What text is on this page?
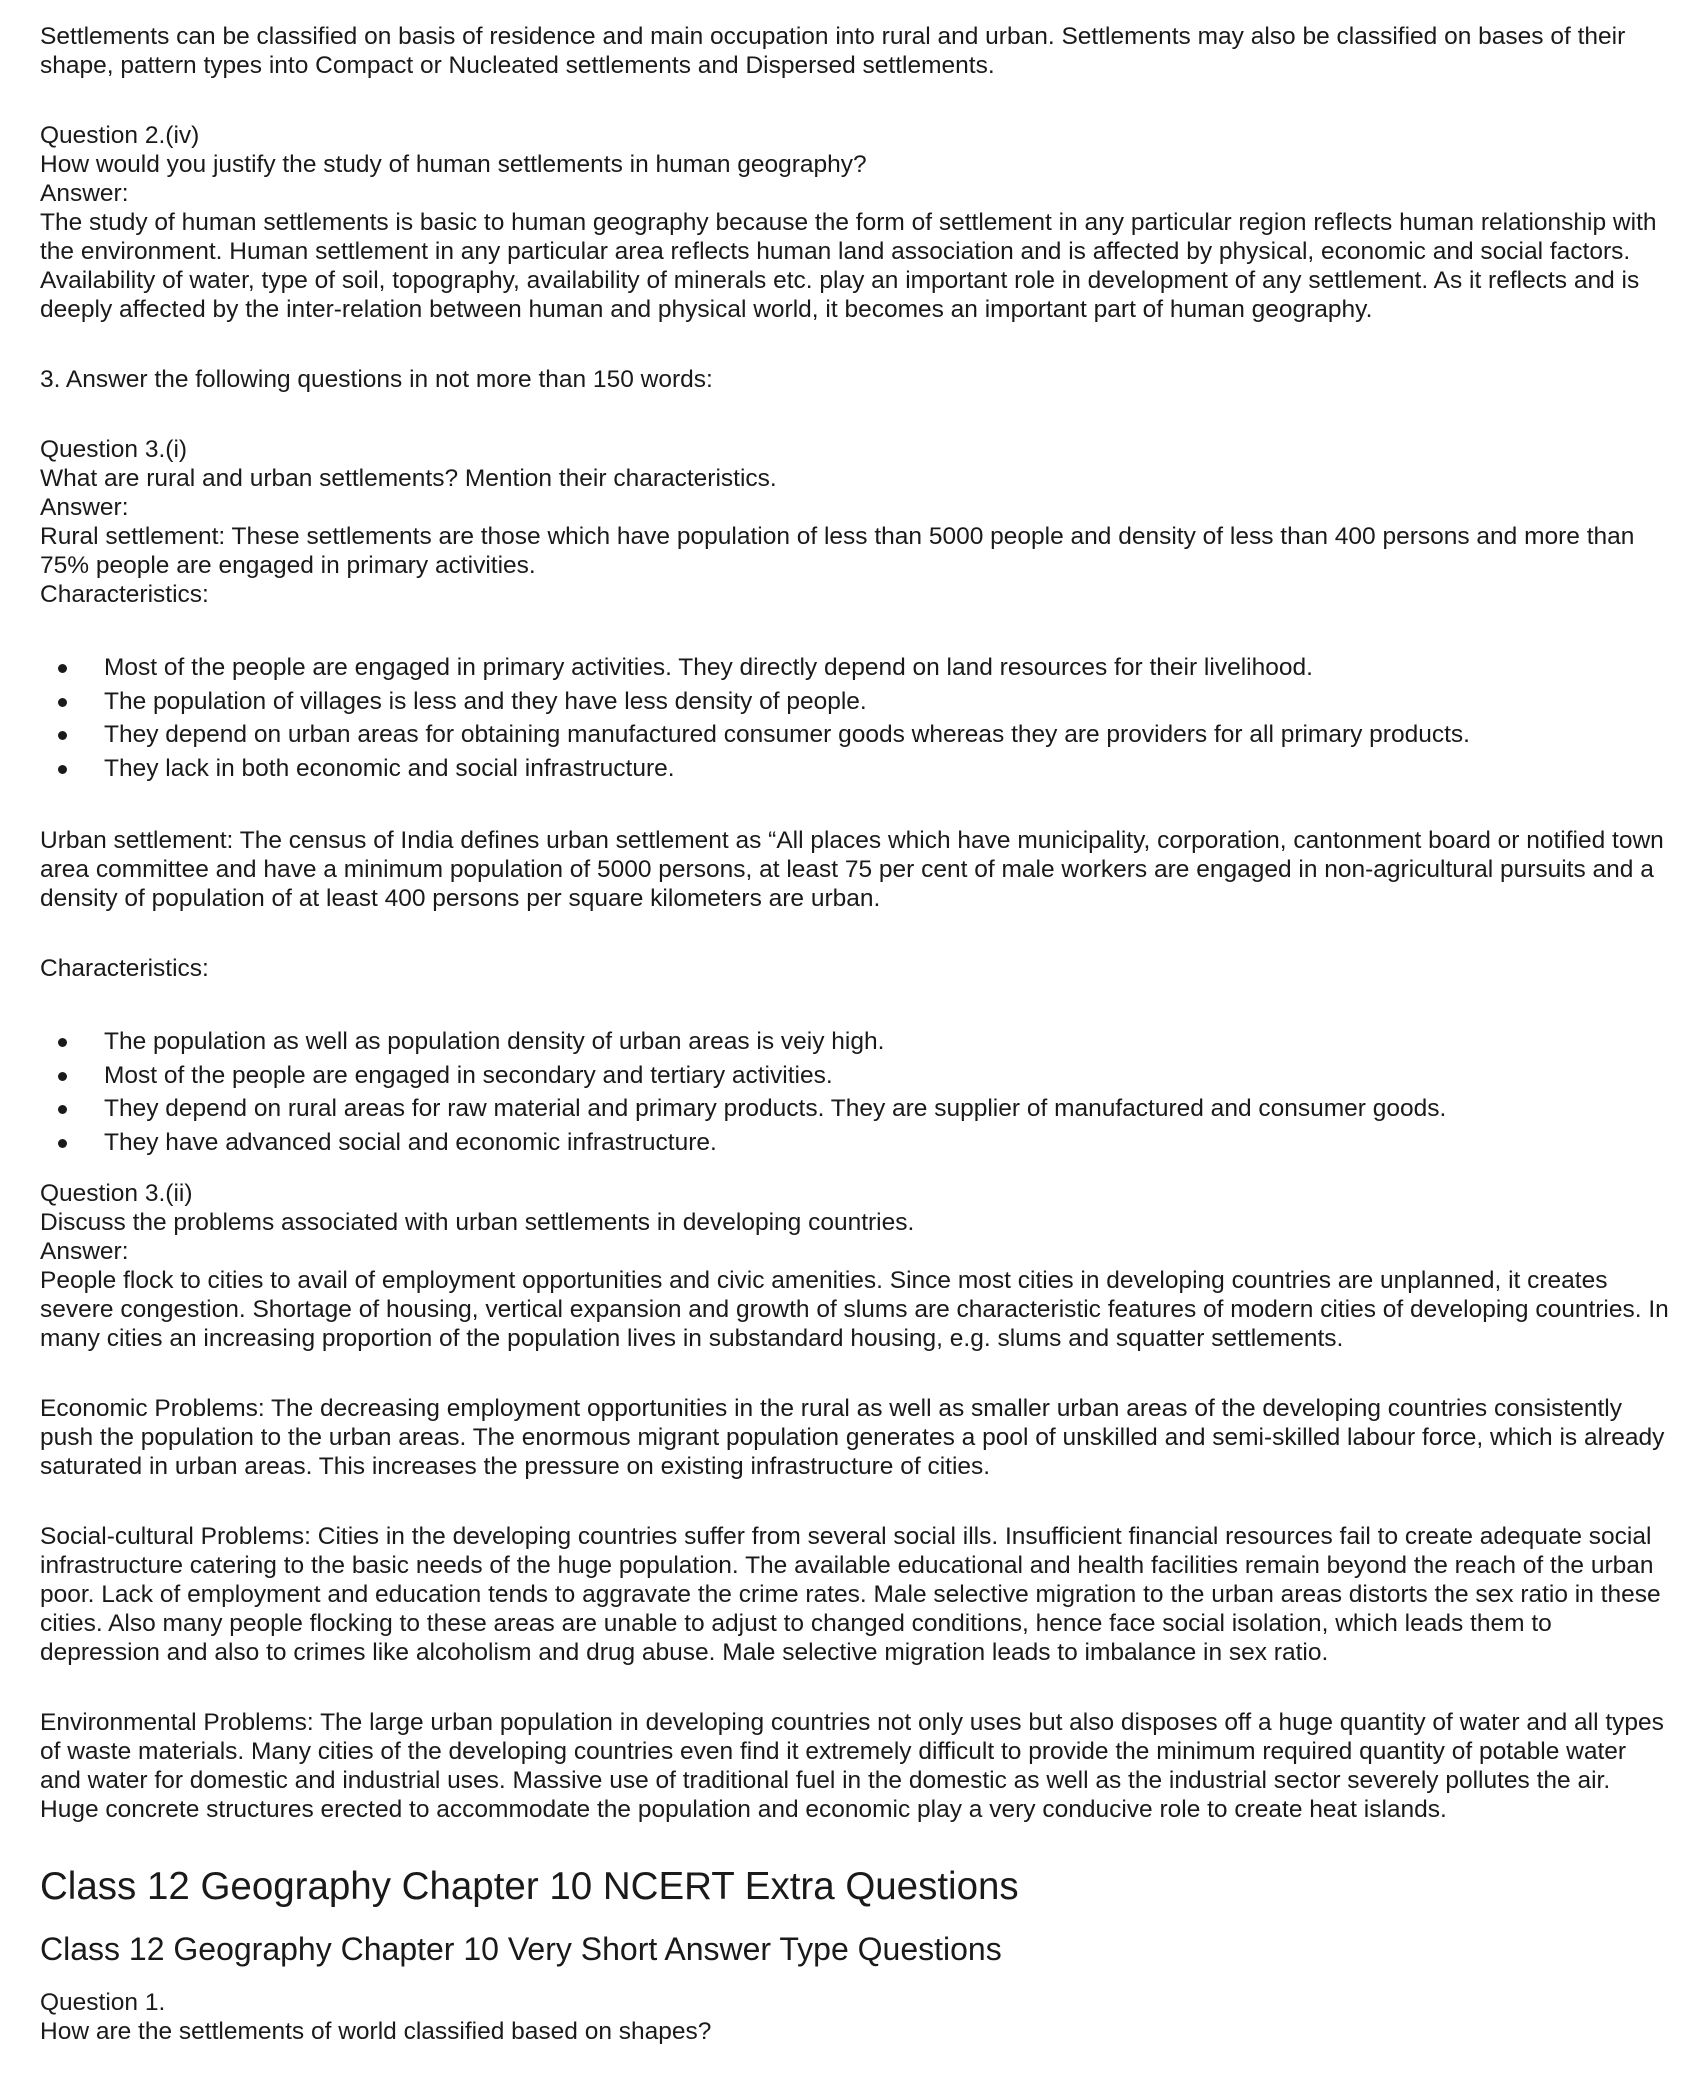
Settlements can be classified on basis of residence and main occupation into rural and urban. Settlements may also be classified on bases of their shape, pattern types into Compact or Nucleated settlements and Dispersed settlements.

Question 2.(iv)

How would you justify the study of human settlements in human geography?

Answer:

The study of human settlements is basic to human geography because the form of settlement in any particular region reflects human relationship with the environment. Human settlement in any particular area reflects human land association and is affected by physical, economic and social factors. Availability of water, type of soil, topography, availability of minerals etc. play an important role in development of any settlement. As it reflects and is deeply affected by the inter-relation between human and physical world, it becomes an important part of human geography.

3. Answer the following questions in not more than 150 words:

Question 3.(i)

What are rural and urban settlements? Mention their characteristics.

Answer:

Rural settlement: These settlements are those which have population of less than 5000 people and density of less than 400 persons and more than 75% people are engaged in primary activities.

Characteristics:

Most of the people are engaged in primary activities. They directly depend on land resources for their livelihood.
The population of villages is less and they have less density of people.
They depend on urban areas for obtaining manufactured consumer goods whereas they are providers for all primary products.
They lack in both economic and social infrastructure.

Urban settlement: The census of India defines urban settlement as “All places which have municipality, corporation, cantonment board or notified town area committee and have a minimum population of 5000 persons, at least 75 per cent of male workers are engaged in non-agricultural pursuits and a density of population of at least 400 persons per square kilometers are urban.

Characteristics:

The population as well as population density of urban areas is veiy high.
Most of the people are engaged in secondary and tertiary activities.
They depend on rural areas for raw material and primary products. They are supplier of manufactured and consumer goods.
They have advanced social and economic infrastructure.

Question 3.(ii)

Discuss the problems associated with urban settlements in developing countries.

Answer:

People flock to cities to avail of employment opportunities and civic amenities. Since most cities in developing countries are unplanned, it creates severe congestion. Shortage of housing, vertical expansion and growth of slums are characteristic features of modern cities of developing countries. In many cities an increasing proportion of the population lives in substandard housing, e.g. slums and squatter settlements.

Economic Problems: The decreasing employment opportunities in the rural as well as smaller urban areas of the developing countries consistently push the population to the urban areas. The enormous migrant population generates a pool of unskilled and semi-skilled labour force, which is already saturated in urban areas. This increases the pressure on existing infrastructure of cities.

Social-cultural Problems: Cities in the developing countries suffer from several social ills. Insufficient financial resources fail to create adequate social infrastructure catering to the basic needs of the huge population. The available educational and health facilities remain beyond the reach of the urban poor. Lack of employment and education tends to aggravate the crime rates. Male selective migration to the urban areas distorts the sex ratio in these cities. Also many people flocking to these areas are unable to adjust to changed conditions, hence face social isolation, which leads them to depression and also to crimes like alcoholism and drug abuse. Male selective migration leads to imbalance in sex ratio.

Environmental Problems: The large urban population in developing countries not only uses but also disposes off a huge quantity of water and all types of waste materials. Many cities of the developing countries even find it extremely difficult to provide the minimum required quantity of potable water and water for domestic and industrial uses. Massive use of traditional fuel in the domestic as well as the industrial sector severely pollutes the air. Huge concrete structures erected to accommodate the population and economic play a very conducive role to create heat islands.

Class 12 Geography Chapter 10 NCERT Extra Questions
Class 12 Geography Chapter 10 Very Short Answer Type Questions

Question 1.

How are the settlements of world classified based on shapes?
